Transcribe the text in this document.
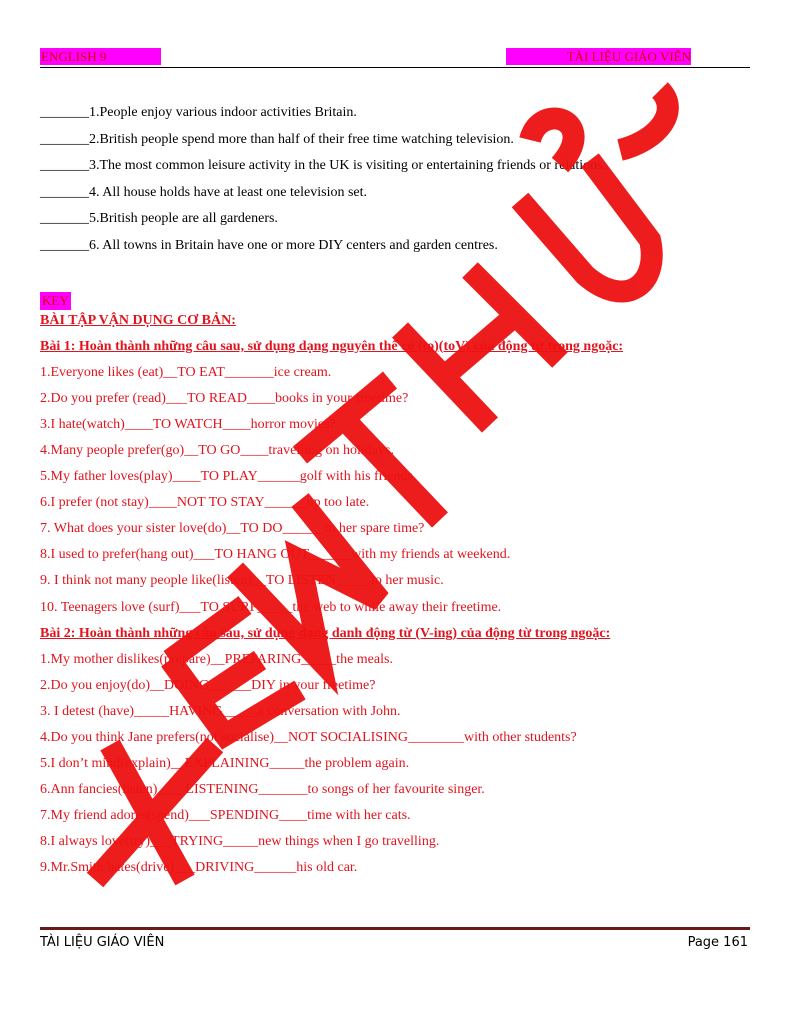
ENGLISH 9	TÀI LIỆU GIÁO VIÊN
_______1.People enjoy various indoor activities Britain.
_______2.British people spend more than half of their free time watching television.
_______3.The most common leisure activity in the UK is visiting or entertaining friends or relations.
_______4. All house holds have at least one television set.
_______5.British people are all gardeners.
_______6. All towns in Britain have one or more DIY centers and garden centres.
KEY
BÀI TẬP VẬN DỤNG CƠ BẢN:
Bài 1: Hoàn thành những câu sau, sử dụng dạng nguyên thể có (to)(toV) của động từ trong ngoặc:
1.Everyone likes (eat)__TO EAT_______ice cream.
2.Do you prefer (read)___TO READ____books in your freetime?
3.I hate(watch)____TO WATCH____horror movies?
4.Many people prefer(go)__TO GO____travelling on holidays.
5.My father loves(play)____TO PLAY______golf with his friends.
6.I prefer (not stay)____NOT TO STAY______up too late.
7. What does your sister love(do)__TO DO______in her spare time?
8.I used to prefer(hang out)___TO HANG OUT______with my friends at weekend.
9. I think not many people like(listen)__TO LISTEN_____to her music.
10. Teenagers love (surf)___TO SURF_____the web to while away their freetime.
Bài 2: Hoàn thành những câu sau, sử dụng dạng danh động từ (V-ing) của động từ trong ngoặc:
1.My mother dislikes(prepare)__PREPARING_____the meals.
2.Do you enjoy(do)__DOING______DIY in your freetime?
3. I detest (have)_____HAVING_____a conversation with John.
4.Do you think Jane prefers(not socialise)__NOT SOCIALISING________with other students?
5.I don’t mind(explain)__EXPLAINING_____the problem again.
6.Ann fancies(listen)____LISTENING_______to songs of her favourite singer.
7.My friend adores(spend)___SPENDING____time with her cats.
8.I always love(try)___TRYING_____new things when I go travelling.
9.Mr.Smith hates(drive)___DRIVING______his old car.
XEM THỬ
TÀI LIỆU GIÁO VIÊN	Page 161
